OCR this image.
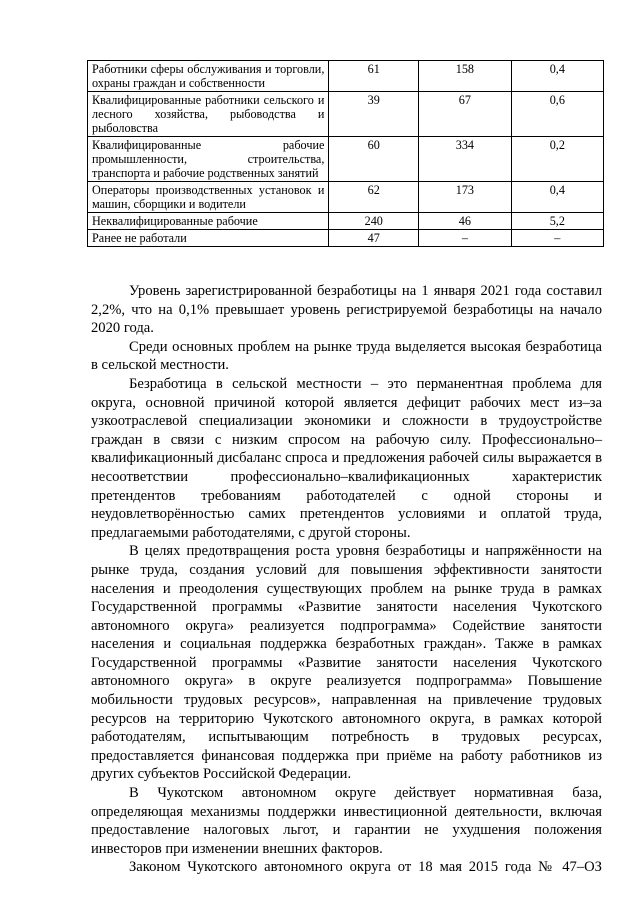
Работники сферы обслуживания и торговли, охраны граждан и собственности	61	158	0,4
Квалифицированные работники сельского и лесного хозяйства, рыбоводства и рыболовства	39	67	0,6
Квалифицированные рабочие промышленности, строительства, транспорта и рабочие родственных занятий	60	334	0,2
Операторы производственных установок и машин, сборщики и водители	62	173	0,4
Неквалифицированные рабочие	240	46	5,2
Ранее не работали	47	–	–

Уровень зарегистрированной безработицы на 1 января 2021 года составил 2,2%, что на 0,1% превышает уровень регистрируемой безработицы на начало 2020 года.

Среди основных проблем на рынке труда выделяется высокая безработица в сельской местности.

Безработица в сельской местности – это перманентная проблема для округа, основной причиной которой является дефицит рабочих мест из–за узкоотраслевой специализации экономики и сложности в трудоустройстве граждан в связи с низким спросом на рабочую силу. Профессионально–квалификационный дисбаланс спроса и предложения рабочей силы выражается в несоответствии профессионально–квалификационных характеристик претендентов требованиям работодателей с одной стороны и неудовлетворённостью самих претендентов условиями и оплатой труда, предлагаемыми работодателями, с другой стороны.

В целях предотвращения роста уровня безработицы и напряжённости на рынке труда, создания условий для повышения эффективности занятости населения и преодоления существующих проблем на рынке труда в рамках Государственной программы «Развитие занятости населения Чукотского автономного округа» реализуется подпрограмма» Содействие занятости населения и социальная поддержка безработных граждан». Также в рамках Государственной программы «Развитие занятости населения Чукотского автономного округа» в округе реализуется подпрограмма» Повышение мобильности трудовых ресурсов», направленная на привлечение трудовых ресурсов на территорию Чукотского автономного округа, в рамках которой работодателям, испытывающим потребность в трудовых ресурсах, предоставляется финансовая поддержка при приёме на работу работников из других субъектов Российской Федерации.

В Чукотском автономном округе действует нормативная база, определяющая механизмы поддержки инвестиционной деятельности, включая предоставление налоговых льгот, и гарантии не ухудшения положения инвесторов при изменении внешних факторов.

Законом Чукотского автономного округа от 18 мая 2015 года № 47–ОЗ
